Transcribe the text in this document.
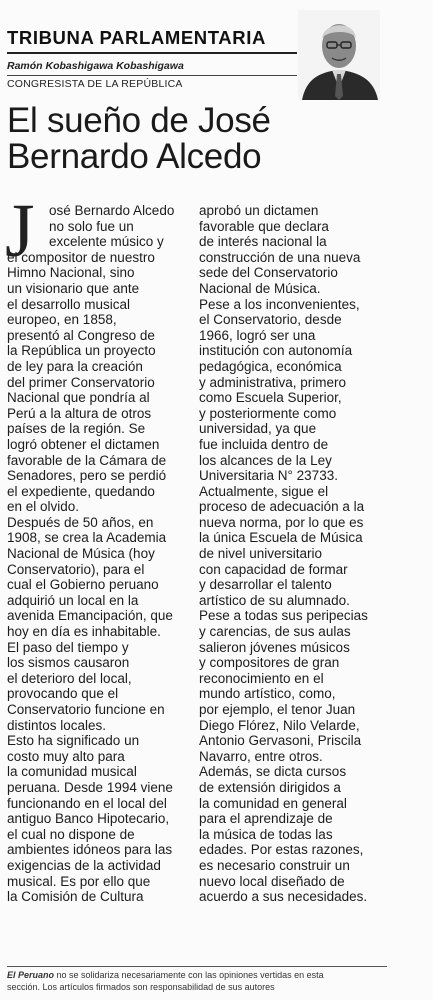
TRIBUNA PARLAMENTARIA
Ramón Kobashigawa Kobashigawa
CONGRESISTA DE LA REPÚBLICA
El sueño de José
Bernardo Alcedo
J	osé Bernardo Alcedo
no solo fue un
excelente músico y
el compositor de nuestro
Himno Nacional, sino
un visionario que ante
el desarrollo musical
europeo, en 1858,
presentó al Congreso de
la República un proyecto
de ley para la creación
del primer Conservatorio
Nacional que pondría al
Perú a la altura de otros
países de la región. Se
logró obtener el dictamen
favorable de la Cámara de
Senadores, pero se perdió
el expediente, quedando
en el olvido.
Después de 50 años, en
1908, se crea la Academia
Nacional de Música (hoy
Conservatorio), para el
cual el Gobierno peruano
adquirió un local en la
avenida Emancipación, que
hoy en día es inhabitable.
El paso del tiempo y
los sismos causaron
el deterioro del local,
provocando que el
Conservatorio funcione en
distintos locales.
Esto ha significado un
costo muy alto para
la comunidad musical
peruana. Desde 1994 viene
funcionando en el local del
antiguo Banco Hipotecario,
el cual no dispone de
ambientes idóneos para las
exigencias de la actividad
musical. Es por ello que
la Comisión de Cultura
aprobó un dictamen
favorable que declara
de interés nacional la
construcción de una nueva
sede del Conservatorio
Nacional de Música.
Pese a los inconvenientes,
el Conservatorio, desde
1966, logró ser una
institución con autonomía
pedagógica, económica
y administrativa, primero
como Escuela Superior,
y posteriormente como
universidad, ya que
fue incluida dentro de
los alcances de la Ley
Universitaria N° 23733.
Actualmente, sigue el
proceso de adecuación a la
nueva norma, por lo que es
la única Escuela de Música
de nivel universitario
con capacidad de formar
y desarrollar el talento
artístico de su alumnado.
Pese a todas sus peripecias
y carencias, de sus aulas
salieron jóvenes músicos
y compositores de gran
reconocimiento en el
mundo artístico, como,
por ejemplo, el tenor Juan
Diego Flórez, Nilo Velarde,
Antonio Gervasoni, Priscila
Navarro, entre otros.
Además, se dicta cursos
de extensión dirigidos a
la comunidad en general
para el aprendizaje de
la música de todas las
edades. Por estas razones,
es necesario construir un
nuevo local diseñado de
acuerdo a sus necesidades.
El Peruano no se solidariza necesariamente con las opiniones vertidas en esta
sección. Los artículos firmados son responsabilidad de sus autores
